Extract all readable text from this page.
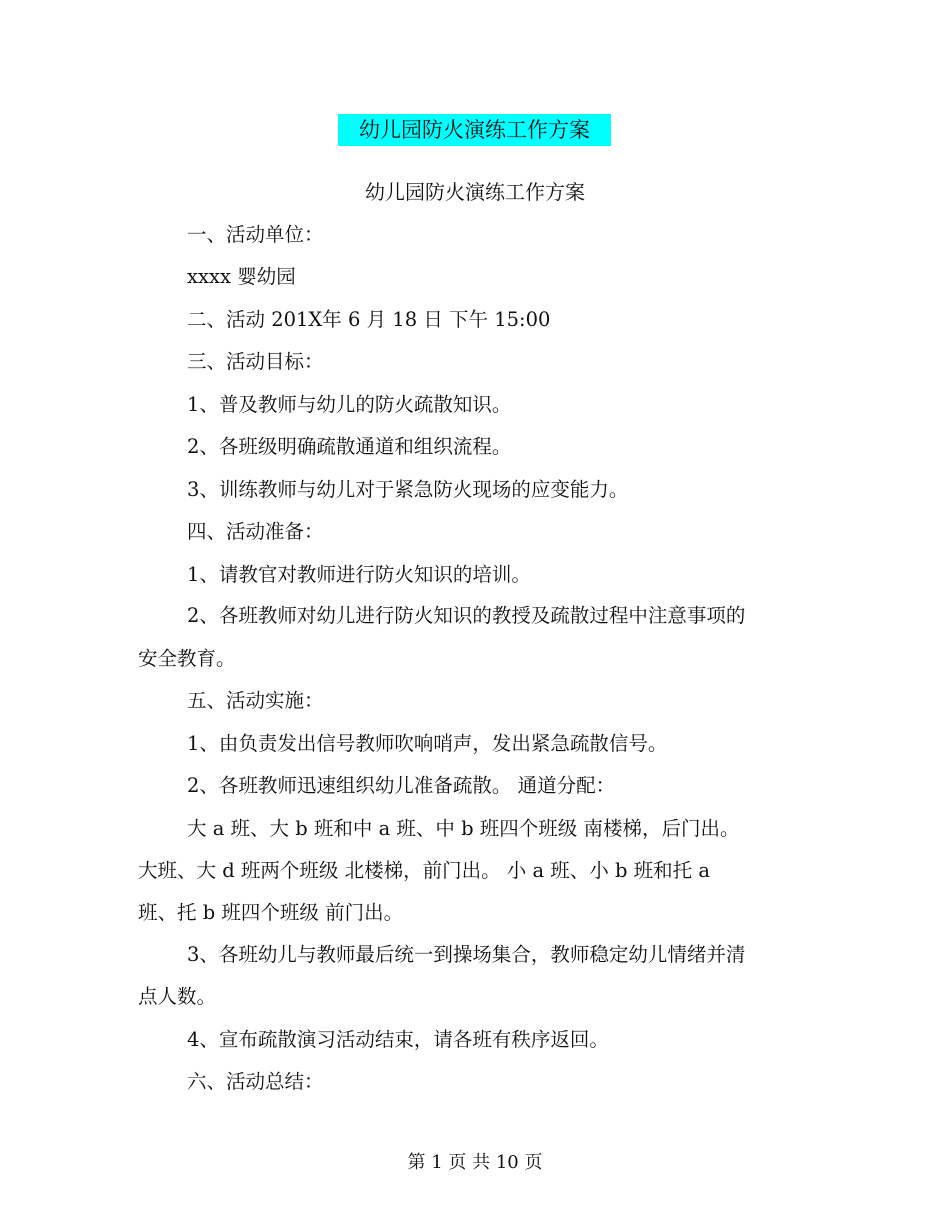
幼儿园防火演练工作方案
幼儿园防火演练工作方案
一、活动单位：
xxxx 婴幼园
二、活动 201X年 6 月 18 日 下午 15:00
三、活动目标：
1、普及教师与幼儿的防火疏散知识。
2、各班级明确疏散通道和组织流程。
3、训练教师与幼儿对于紧急防火现场的应变能力。
四、活动准备：
1、请教官对教师进行防火知识的培训。
2、各班教师对幼儿进行防火知识的教授及疏散过程中注意事项的
安全教育。
五、活动实施：
1、由负责发出信号教师吹响哨声，发出紧急疏散信号。
2、各班教师迅速组织幼儿准备疏散。 通道分配：
大 a 班、大 b 班和中 a 班、中 b 班四个班级 南楼梯，后门出。
大班、大 d 班两个班级 北楼梯，前门出。 小 a 班、小 b 班和托 a
班、托 b 班四个班级 前门出。
3、各班幼儿与教师最后统一到操场集合，教师稳定幼儿情绪并清
点人数。
4、宣布疏散演习活动结束，请各班有秩序返回。
六、活动总结：
第 1 页 共 10 页
